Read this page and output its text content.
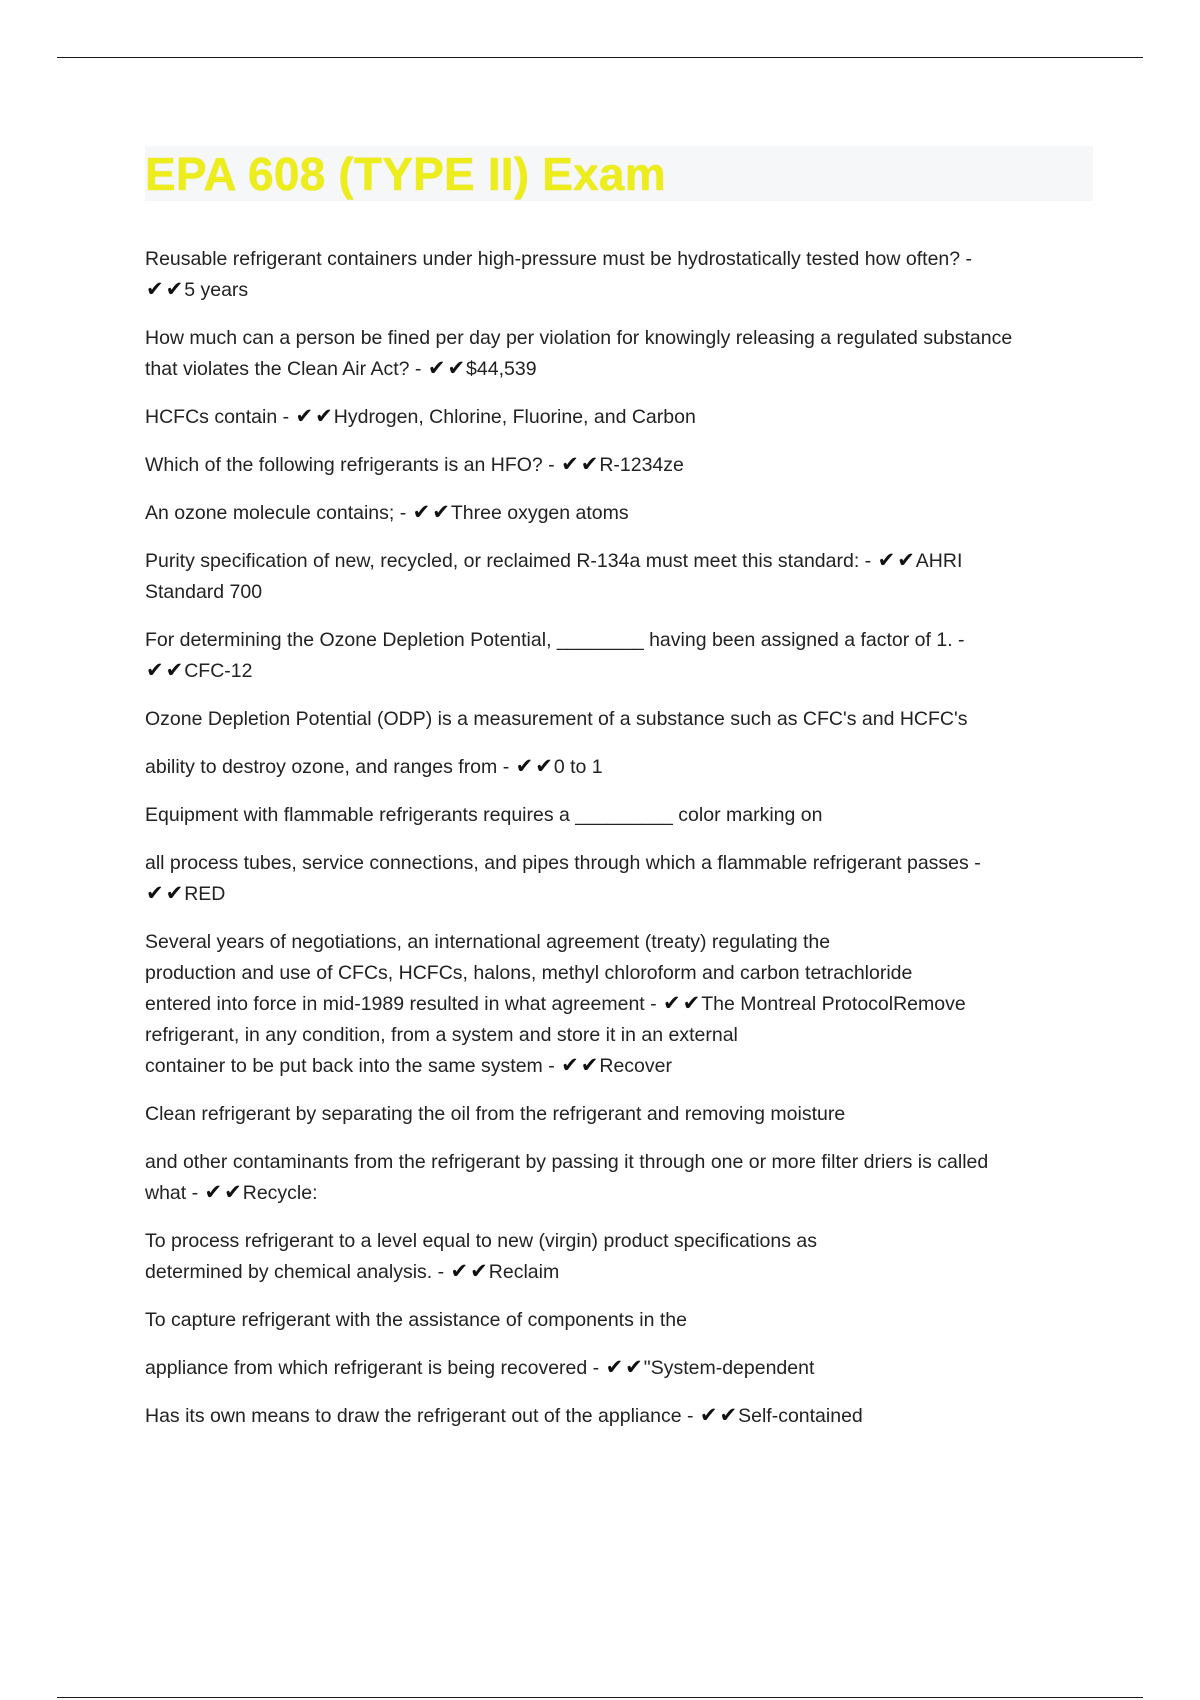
EPA 608 (TYPE II) Exam
Reusable refrigerant containers under high-pressure must be hydrostatically tested how often? -
✔✔5 years
How much can a person be fined per day per violation for knowingly releasing a regulated substance
that violates the Clean Air Act? - ✔✔$44,539
HCFCs contain - ✔✔Hydrogen, Chlorine, Fluorine, and Carbon
Which of the following refrigerants is an HFO? - ✔✔R-1234ze
An ozone molecule contains; - ✔✔Three oxygen atoms
Purity specification of new, recycled, or reclaimed R-134a must meet this standard: - ✔✔AHRI
Standard 700
For determining the Ozone Depletion Potential, ________ having been assigned a factor of 1. -
✔✔CFC-12
Ozone Depletion Potential (ODP) is a measurement of a substance such as CFC's and HCFC's
ability to destroy ozone, and ranges from - ✔✔0 to 1
Equipment with flammable refrigerants requires a _________ color marking on
all process tubes, service connections, and pipes through which a flammable refrigerant passes -
✔✔RED
Several years of negotiations, an international agreement (treaty) regulating the
production and use of CFCs, HCFCs, halons, methyl chloroform and carbon tetrachloride
entered into force in mid-1989 resulted in what agreement - ✔✔The Montreal ProtocolRemove
refrigerant, in any condition, from a system and store it in an external
container to be put back into the same system - ✔✔Recover
Clean refrigerant by separating the oil from the refrigerant and removing moisture
and other contaminants from the refrigerant by passing it through one or more filter driers is called
what - ✔✔Recycle:
To process refrigerant to a level equal to new (virgin) product specifications as
determined by chemical analysis. - ✔✔Reclaim
To capture refrigerant with the assistance of components in the
appliance from which refrigerant is being recovered - ✔✔"System-dependent
Has its own means to draw the refrigerant out of the appliance - ✔✔Self-contained
